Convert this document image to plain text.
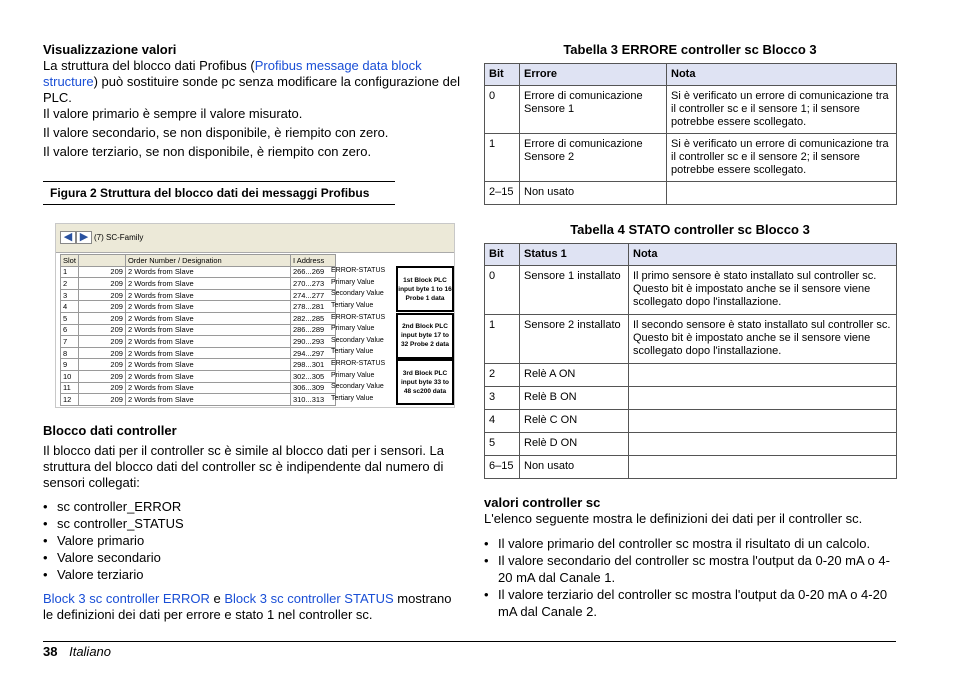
Visualizzazione valori
La struttura del blocco dati Profibus (Profibus message data block structure) può sostituire sonde pc senza modificare la configurazione del PLC.
Il valore primario è sempre il valore misurato.
Il valore secondario, se non disponibile, è riempito con zero.
Il valore terziario, se non disponibile, è riempito con zero.
Figura 2 Struttura del blocco dati dei messaggi Profibus
◀ ▶ (7) SC-Family
Slot		Order Number / Designation	I Address
1	209	2 Words from Slave	266...269
2	209	2 Words from Slave	270...273
3	209	2 Words from Slave	274...277
4	209	2 Words from Slave	278...281
5	209	2 Words from Slave	282...285
6	209	2 Words from Slave	286...289
7	209	2 Words from Slave	290...293
8	209	2 Words from Slave	294...297
9	209	2 Words from Slave	298...301
10	209	2 Words from Slave	302...305
11	209	2 Words from Slave	306...309
12	209	2 Words from Slave	310...313
ERROR-STATUS
Primary Value
Secondary Value
Tertiary Value
1st Block PLC input byte 1 to 16 Probe 1 data
ERROR-STATUS
Primary Value
Secondary Value
Tertiary Value
2nd Block PLC input byte 17 to 32 Probe 2 data
ERROR-STATUS
Primary Value
Secondary Value
Tertiary Value
3rd Block PLC input byte 33 to 48 sc200 data
Blocco dati controller
Il blocco dati per il controller sc è simile al blocco dati per i sensori. La struttura del blocco dati del controller sc è indipendente dal numero di sensori collegati:
• sc controller_ERROR
• sc controller_STATUS
• Valore primario
• Valore secondario
• Valore terziario
Block 3 sc controller ERROR e Block 3 sc controller STATUS mostrano le definizioni dei dati per errore e stato 1 nel controller sc.
Tabella 3 ERRORE controller sc Blocco 3
Bit	Errore	Nota
0	Errore di comunicazione Sensore 1	Si è verificato un errore di comunicazione tra il controller sc e il sensore 1; il sensore potrebbe essere scollegato.
1	Errore di comunicazione Sensore 2	Si è verificato un errore di comunicazione tra il controller sc e il sensore 2; il sensore potrebbe essere scollegato.
2–15	Non usato	
Tabella 4 STATO controller sc Blocco 3
Bit	Status 1	Nota
0	Sensore 1 installato	Il primo sensore è stato installato sul controller sc. Questo bit è impostato anche se il sensore viene scollegato dopo l'installazione.
1	Sensore 2 installato	Il secondo sensore è stato installato sul controller sc. Questo bit è impostato anche se il sensore viene scollegato dopo l'installazione.
2	Relè A ON	
3	Relè B ON	
4	Relè C ON	
5	Relè D ON	
6–15	Non usato	
valori controller sc
L'elenco seguente mostra le definizioni dei dati per il controller sc.
• Il valore primario del controller sc mostra il risultato di un calcolo.
• Il valore secondario del controller sc mostra l'output da 0-20 mA o 4-20 mA dal Canale 1.
• Il valore terziario del controller sc mostra l'output da 0-20 mA o 4-20 mA dal Canale 2.
38 Italiano
